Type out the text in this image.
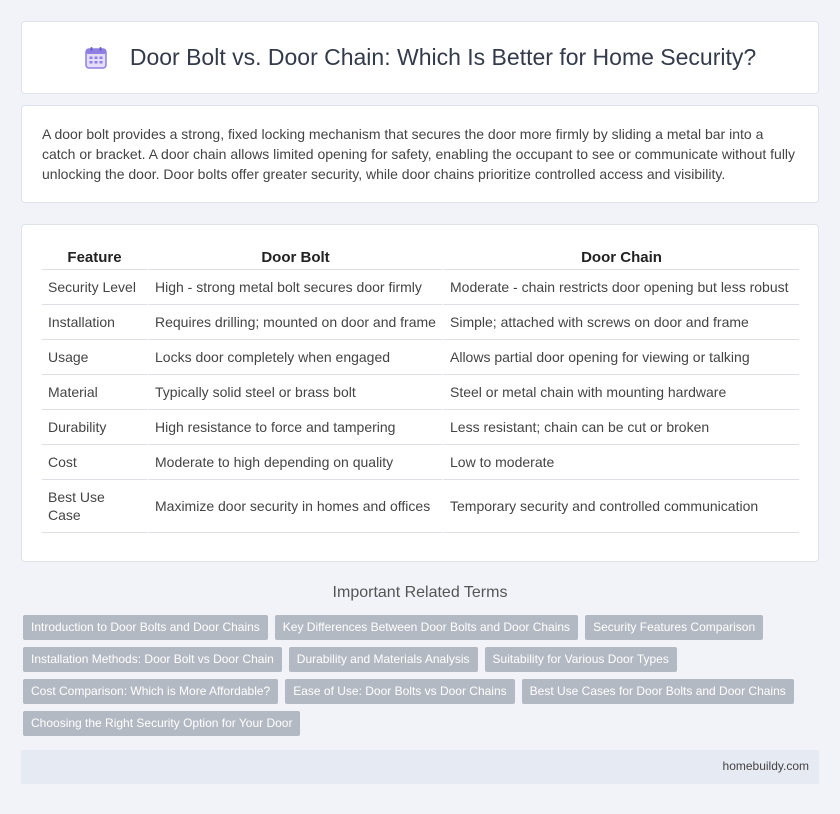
Door Bolt vs. Door Chain: Which Is Better for Home Security?

A door bolt provides a strong, fixed locking mechanism that secures the door more firmly by sliding a metal bar into a catch or bracket. A door chain allows limited opening for safety, enabling the occupant to see or communicate without fully unlocking the door. Door bolts offer greater security, while door chains prioritize controlled access and visibility.

Feature	Door Bolt	Door Chain
Security Level	High - strong metal bolt secures door firmly	Moderate - chain restricts door opening but less robust
Installation	Requires drilling; mounted on door and frame	Simple; attached with screws on door and frame
Usage	Locks door completely when engaged	Allows partial door opening for viewing or talking
Material	Typically solid steel or brass bolt	Steel or metal chain with mounting hardware
Durability	High resistance to force and tampering	Less resistant; chain can be cut or broken
Cost	Moderate to high depending on quality	Low to moderate
Best Use Case	Maximize door security in homes and offices	Temporary security and controlled communication
Important Related Terms
Introduction to Door Bolts and Door Chains	Key Differences Between Door Bolts and Door Chains	Security Features Comparison
Installation Methods: Door Bolt vs Door Chain	Durability and Materials Analysis	Suitability for Various Door Types
Cost Comparison: Which is More Affordable?	Ease of Use: Door Bolts vs Door Chains	Best Use Cases for Door Bolts and Door Chains
Choosing the Right Security Option for Your Door
homebuildy.com
